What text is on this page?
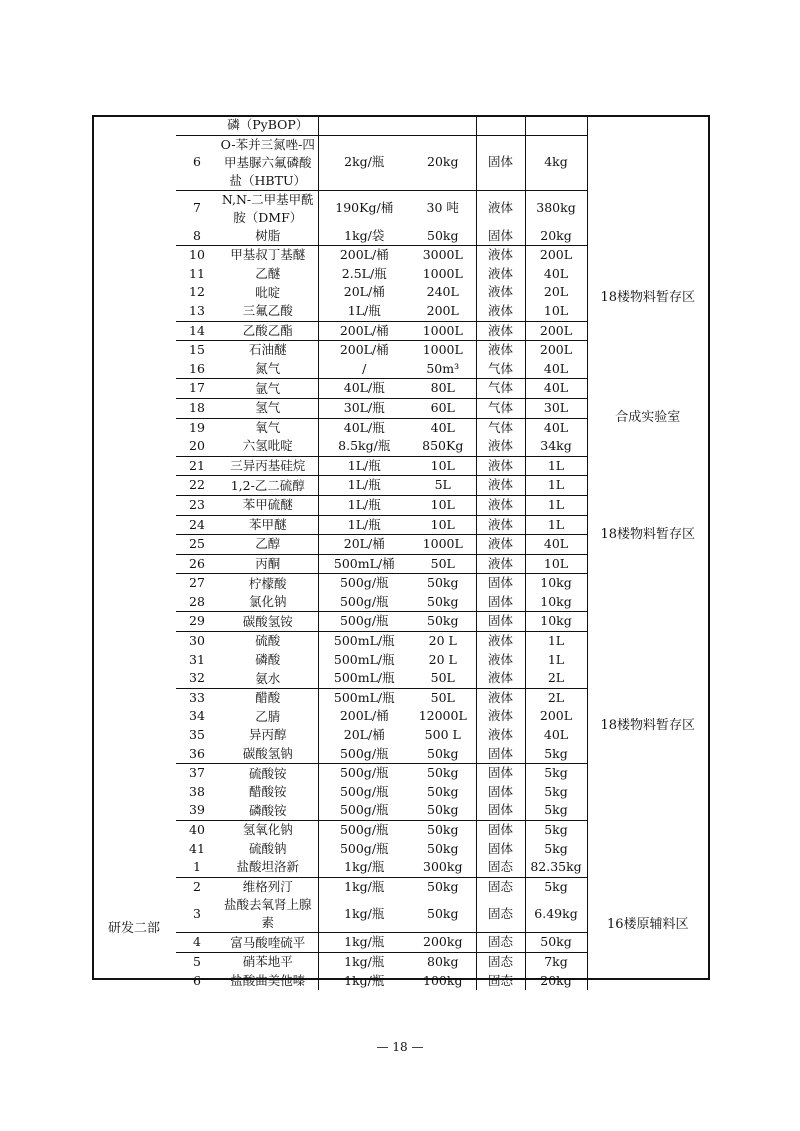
		磷（PyBOP）					18楼物料暂存区
	6	O-苯并三氮唑-四甲基脲六氟磷酸盐（HBTU）	2kg/瓶	20kg	固体	4kg	
	7	N,N-二甲基甲酰胺（DMF）	190Kg/桶	30 吨	液体	380kg	
	8	树脂	1kg/袋	50kg	固体	20kg	
	10	甲基叔丁基醚	200L/桶	3000L	液体	200L	
	11	乙醚	2.5L/瓶	1000L	液体	40L	
	12	吡啶	20L/桶	240L	液体	20L	
	13	三氟乙酸	1L/瓶	200L	液体	10L	
	14	乙酸乙酯	200L/桶	1000L	液体	200L	
	15	石油醚	200L/桶	1000L	液体	200L	
	16	氮气	/	50m³	气体	40L	合成实验室
	17	氩气	40L/瓶	80L	气体	40L	
	18	氢气	30L/瓶	60L	气体	30L	
	19	氧气	40L/瓶	40L	气体	40L	
	20	六氢吡啶	8.5kg/瓶	850Kg	液体	34kg	
	21	三异丙基硅烷	1L/瓶	10L	液体	1L	
	22	1,2-乙二硫醇	1L/瓶	5L	液体	1L	18楼物料暂存区
	23	苯甲硫醚	1L/瓶	10L	液体	1L	
	24	苯甲醚	1L/瓶	10L	液体	1L	
	25	乙醇	20L/桶	1000L	液体	40L	
	26	丙酮	500mL/桶	50L	液体	10L	
	27	柠檬酸	500g/瓶	50kg	固体	10kg	
	28	氯化钠	500g/瓶	50kg	固体	10kg	18楼物料暂存区
	29	碳酸氢铵	500g/瓶	50kg	固体	10kg	
	30	硫酸	500mL/瓶	20 L	液体	1L	
	31	磷酸	500mL/瓶	20 L	液体	1L	
	32	氨水	500mL/瓶	50L	液体	2L	
	33	醋酸	500mL/瓶	50L	液体	2L	
	34	乙腈	200L/桶	12000L	液体	200L	
	35	异丙醇	20L/桶	500 L	液体	40L	
	36	碳酸氢钠	500g/瓶	50kg	固体	5kg	
	37	硫酸铵	500g/瓶	50kg	固体	5kg	
	38	醋酸铵	500g/瓶	50kg	固体	5kg	
	39	磷酸铵	500g/瓶	50kg	固体	5kg	
	40	氢氧化钠	500g/瓶	50kg	固体	5kg	
	41	硫酸钠	500g/瓶	50kg	固体	5kg	
研发二部	1	盐酸坦洛新	1kg/瓶	300kg	固态	82.35kg	16楼原辅料区
	2	维格列汀	1kg/瓶	50kg	固态	5kg	
	3	盐酸去氧肾上腺素	1kg/瓶	50kg	固态	6.49kg	
	4	富马酸喹硫平	1kg/瓶	200kg	固态	50kg	
	5	硝苯地平	1kg/瓶	80kg	固态	7kg	
	6	盐酸曲美他嗪	1kg/瓶	100kg	固态	20kg	
— 18 —
